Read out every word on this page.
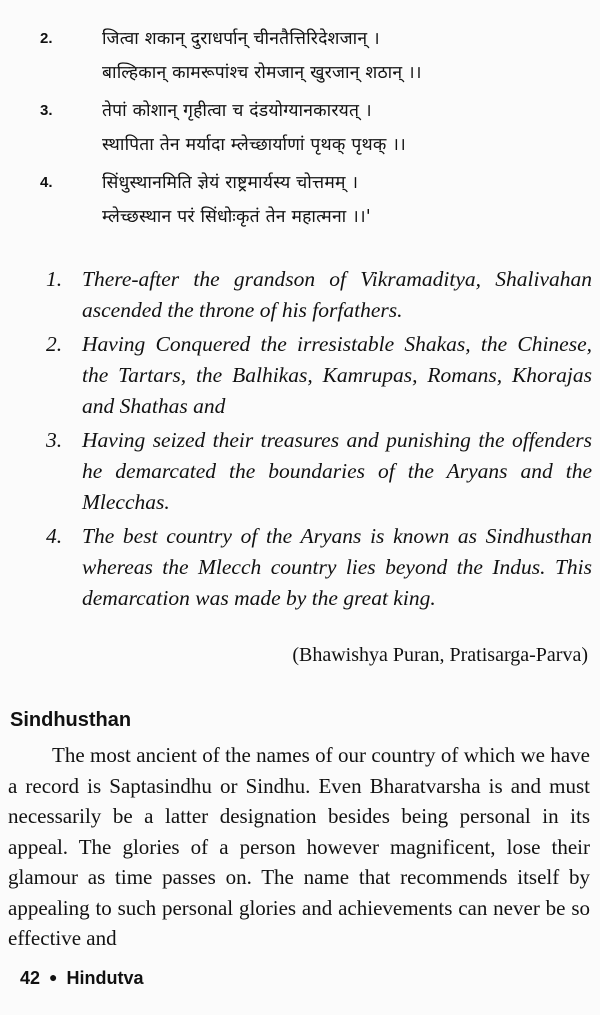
2.	जित्वा शकान् दुराधर्पान् चीनतैत्तिरिदेशजान् ।
बाल्हिकान् कामरूपांश्च रोमजान् खुरजान् शठान् ।।
3.	तेपां कोशान् गृहीत्वा च दंडयोग्यानकारयत् ।
स्थापिता तेन मर्यादा म्लेच्छार्याणां पृथक् पृथक् ।।
4.	सिंधुस्थानमिति ज्ञेयं राष्ट्रमार्यस्य चोत्तमम् ।
म्लेच्छस्थान परं सिंधोःकृतं तेन महात्मना ।।'
1. There-after the grandson of Vikramaditya, Shalivahan ascended the throne of his forfathers.
2. Having Conquered the irresistable Shakas, the Chinese, the Tartars, the Balhikas, Kamrupas, Romans, Khorajas and Shathas and
3. Having seized their treasures and punishing the offenders he demarcated the boundaries of the Aryans and the Mlecchas.
4. The best country of the Aryans is known as Sindhusthan whereas the Mlecch country lies beyond the Indus. This demarcation was made by the great king.
(Bhawishya Puran, Pratisarga-Parva)
Sindhusthan
The most ancient of the names of our country of which we have a record is Saptasindhu or Sindhu. Even Bharatvarsha is and must necessarily be a latter designation besides being personal in its appeal. The glories of a person however magnificent, lose their glamour as time passes on. The name that recommends itself by appealing to such personal glories and achievements can never be so effective and
42 ● Hindutva
